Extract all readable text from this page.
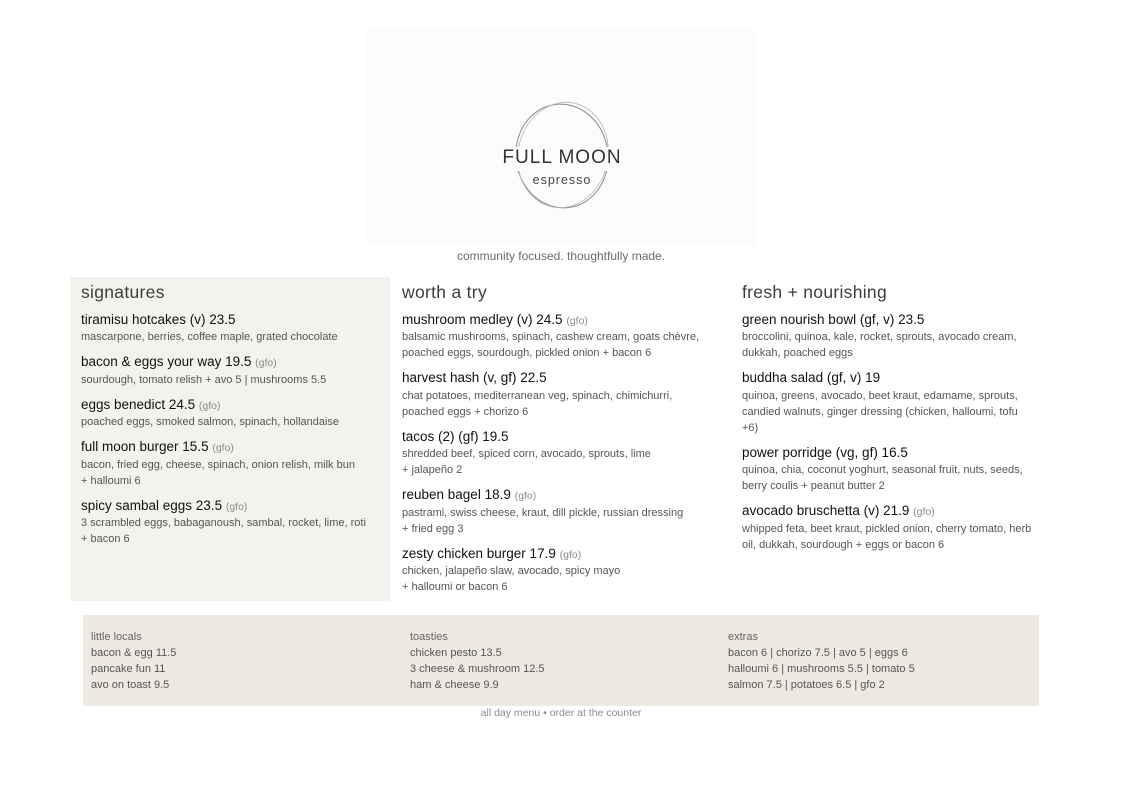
FULL MOON
espresso
community focused. thoughtfully made.
signatures
tiramisu hotcakes (v) 23.5
mascarpone, berries, coffee maple, grated chocolate
bacon & eggs your way 19.5 (gfo)
sourdough, tomato relish + avo 5 | mushrooms 5.5
eggs benedict 24.5 (gfo)
poached eggs, smoked salmon, spinach, hollandaise
full moon burger 15.5 (gfo)
bacon, fried egg, cheese, spinach, onion relish, milk bun
+ halloumi 6
spicy sambal eggs 23.5 (gfo)
3 scrambled eggs, babaganoush, sambal, rocket, lime, roti
+ bacon 6
worth a try
mushroom medley (v) 24.5 (gfo)
balsamic mushrooms, spinach, cashew cream, goats chèvre,
poached eggs, sourdough, pickled onion + bacon 6
harvest hash (v, gf) 22.5
chat potatoes, mediterranean veg, spinach, chimichurri,
poached eggs + chorizo 6
tacos (2) (gf) 19.5
shredded beef, spiced corn, avocado, sprouts, lime
+ jalapeño 2
reuben bagel 18.9 (gfo)
pastrami, swiss cheese, kraut, dill pickle, russian dressing
+ fried egg 3
zesty chicken burger 17.9 (gfo)
chicken, jalapeño slaw, avocado, spicy mayo
+ halloumi or bacon 6
fresh + nourishing
green nourish bowl (gf, v) 23.5
broccolini, quinoa, kale, rocket, sprouts, avocado cream,
dukkah, poached eggs
buddha salad (gf, v) 19
quinoa, greens, avocado, beet kraut, edamame, sprouts,
candied walnuts, ginger dressing (chicken, halloumi, tofu
+6)
power porridge (vg, gf) 16.5
quinoa, chia, coconut yoghurt, seasonal fruit, nuts, seeds,
berry coulis + peanut butter 2
avocado bruschetta (v) 21.9 (gfo)
whipped feta, beet kraut, pickled onion, cherry tomato, herb
oil, dukkah, sourdough + eggs or bacon 6
little locals
bacon & egg 11.5
pancake fun 11
avo on toast 9.5
toasties
chicken pesto 13.5
3 cheese & mushroom 12.5
ham & cheese 9.9
extras
bacon 6 | chorizo 7.5 | avo 5 | eggs 6
halloumi 6 | mushrooms 5.5 | tomato 5
salmon 7.5 | potatoes 6.5 | gfo 2
all day menu • order at the counter
